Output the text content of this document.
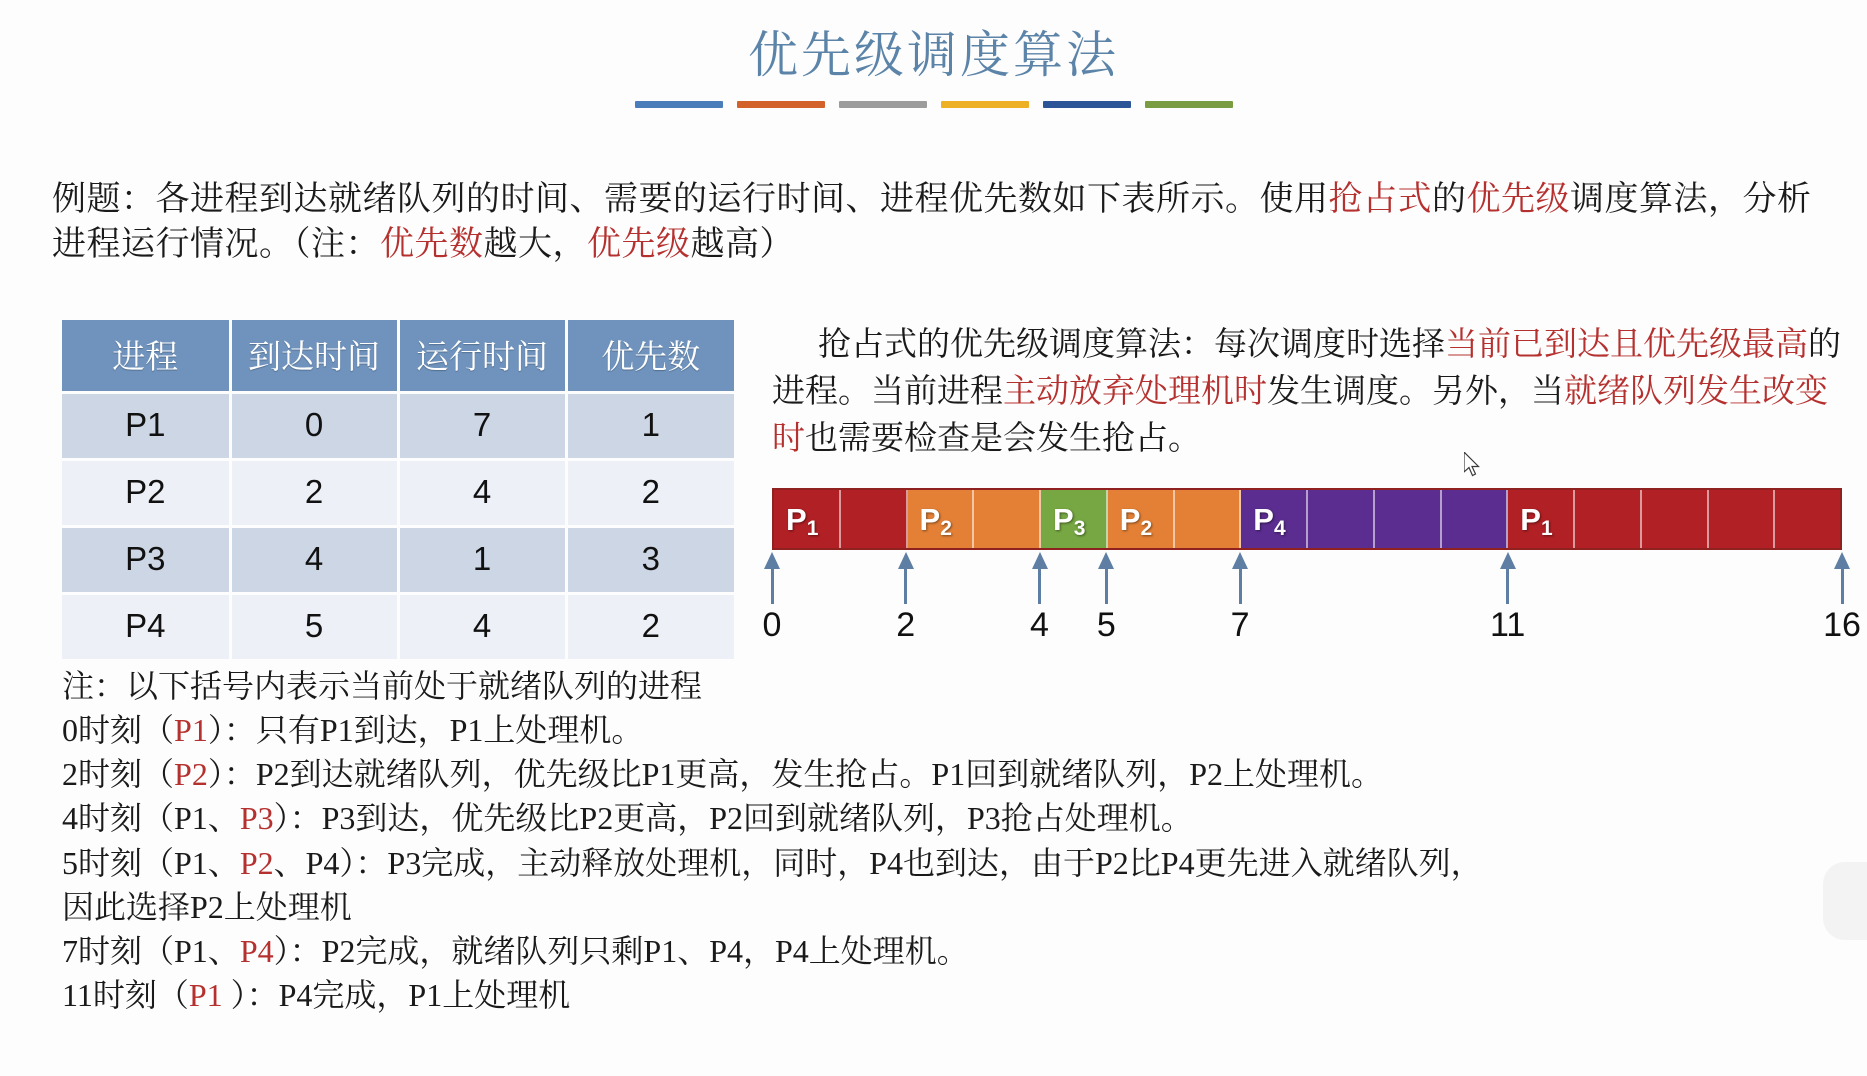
优先级调度算法
例题：各进程到达就绪队列的时间、需要的运行时间、进程优先数如下表所示。使用抢占式的优先级调度算法，分析进程运行情况。（注：优先数越大，优先级越高）
进程	到达时间	运行时间	优先数
P1	0	7	1
P2	2	4	2
P3	4	1	3
P4	5	4	2
抢占式的优先级调度算法：每次调度时选择当前已到达且优先级最高的进程。当前进程主动放弃处理机时发生调度。另外，当就绪队列发生改变时也需要检查是会发生抢占。
$P_1$	$P_2$	$P_3$	$P_2$	$P_4$	$P_1$
0	2	4	5	7	11	16
注：以下括号内表示当前处于就绪队列的进程
0时刻（P1）：只有P1到达，P1上处理机。
2时刻（P2）：P2到达就绪队列，优先级比P1更高，发生抢占。P1回到就绪队列，P2上处理机。
4时刻（P1、P3）：P3到达，优先级比P2更高，P2回到就绪队列，P3抢占处理机。
5时刻（P1、P2、P4）：P3完成，主动释放处理机，同时，P4也到达，由于P2比P4更先进入就绪队列，
因此选择P2上处理机
7时刻（P1、P4）：P2完成，就绪队列只剩P1、P4，P4上处理机。
11时刻（P1 ）：P4完成，P1上处理机
